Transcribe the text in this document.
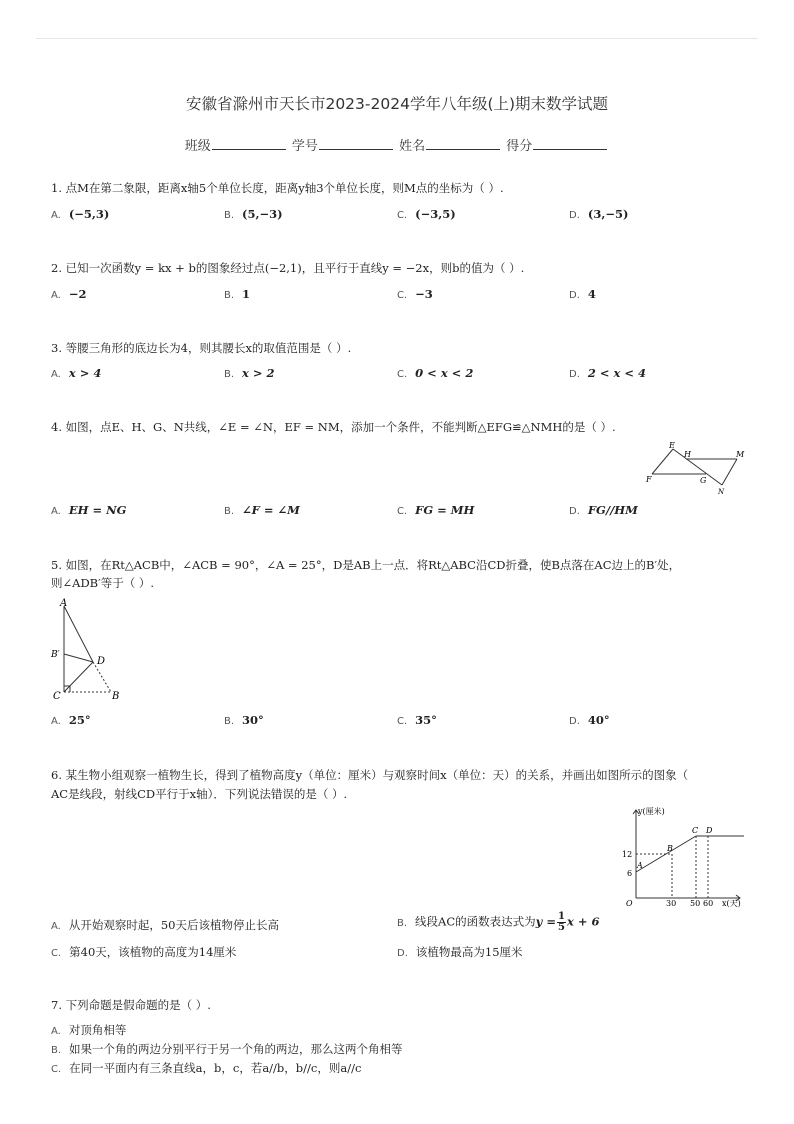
安徽省滁州市天长市2023-2024学年八年级(上)期末数学试题
班级	学号	姓名	得分
1. 点M在第二象限，距离x轴5个单位长度，距离y轴3个单位长度，则M点的坐标为（ ）.
A. (−5,3)	B. (5,−3)	C. (−3,5)	D. (3,−5)
2. 已知一次函数y = kx + b的图象经过点(−2,1)，且平行于直线y = −2x，则b的值为（ ）.
A. −2	B. 1	C. −3	D. 4
3. 等腰三角形的底边长为4，则其腰长x的取值范围是（ ）.
A. x > 4	B. x > 2	C. 0 < x < 2	D. 2 < x < 4
4. 如图，点E、H、G、N共线，∠E = ∠N，EF = NM，添加一个条件，不能判断△EFG≌△NMH的是（ ）.
E
H	M
F	G
N
A. EH = NG	B. ∠F = ∠M	C. FG = MH	D. FG//HM
5. 如图，在Rt△ACB中，∠ACB = 90°，∠A = 25°，D是AB上一点．将Rt△ABC沿CD折叠，使B点落在AC边上的B′处，
则∠ADB′等于（ ）.
A
B′
D
C	B
A. 25°	B. 30°	C. 35°	D. 40°
6. 某生物小组观察一植物生长，得到了植物高度y（单位：厘米）与观察时间x（单位：天）的关系，并画出如图所示的图象（
AC是线段，射线CD平行于x轴）．下列说法错误的是（ ）.
y(厘米)
x(天)
O
12
6
30 50 60
A
B
C D
A. 从开始观察时起，50天后该植物停止长高	B. 线段AC的函数表达式为$y = \frac{1}{5}$ x + 6
C. 第40天，该植物的高度为14厘米	D. 该植物最高为15厘米
7. 下列命题是假命题的是（ ）.
A. 对顶角相等
B. 如果一个角的两边分别平行于另一个角的两边，那么这两个角相等
C. 在同一平面内有三条直线a，b，c，若a//b，b//c，则a//c
